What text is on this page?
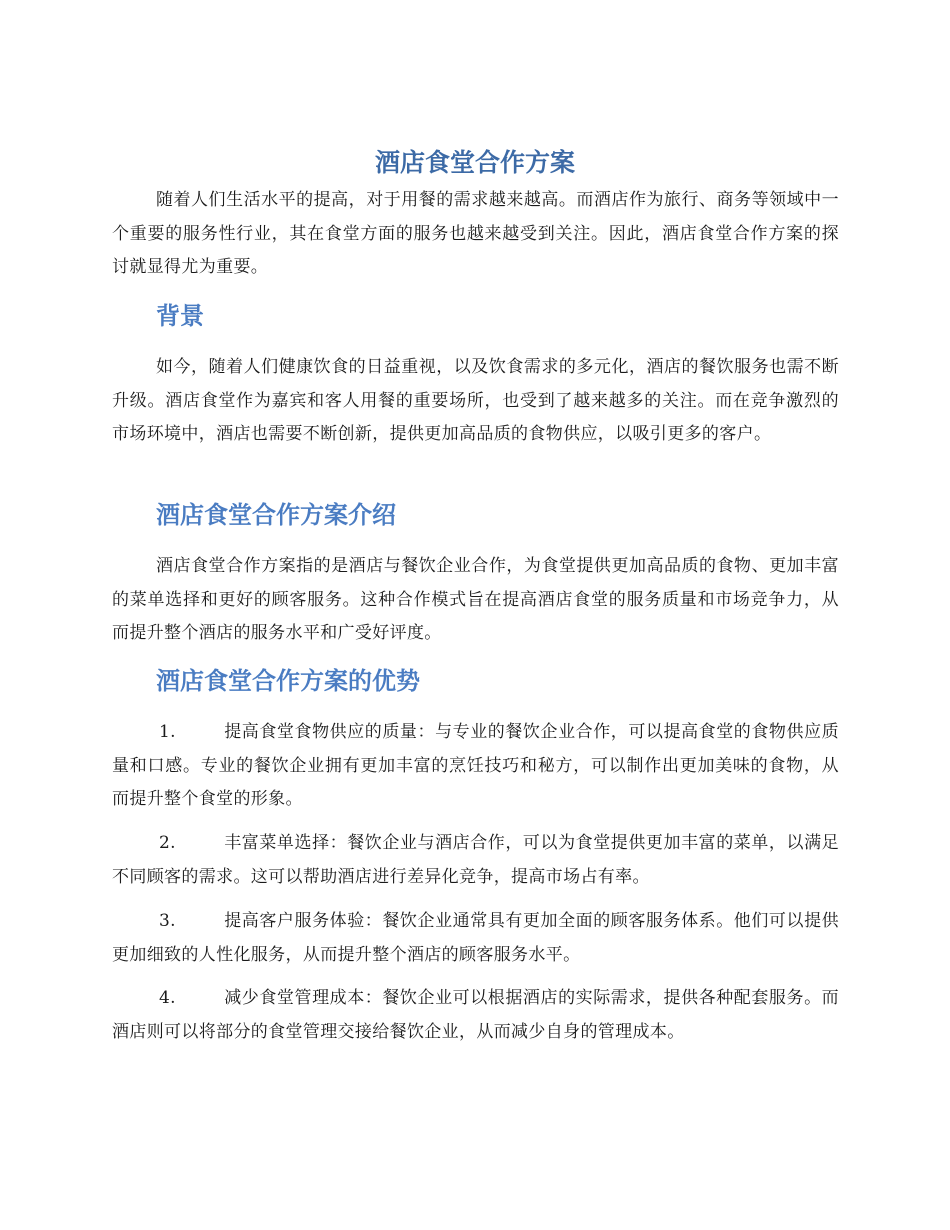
酒店食堂合作方案

随着人们生活水平的提高，对于用餐的需求越来越高。而酒店作为旅行、商务等领域中一个重要的服务性行业，其在食堂方面的服务也越来越受到关注。因此，酒店食堂合作方案的探讨就显得尤为重要。

背景

如今，随着人们健康饮食的日益重视，以及饮食需求的多元化，酒店的餐饮服务也需不断升级。酒店食堂作为嘉宾和客人用餐的重要场所，也受到了越来越多的关注。而在竞争激烈的市场环境中，酒店也需要不断创新，提供更加高品质的食物供应，以吸引更多的客户。

酒店食堂合作方案介绍

酒店食堂合作方案指的是酒店与餐饮企业合作，为食堂提供更加高品质的食物、更加丰富的菜单选择和更好的顾客服务。这种合作模式旨在提高酒店食堂的服务质量和市场竞争力，从而提升整个酒店的服务水平和广受好评度。

酒店食堂合作方案的优势

1.	提高食堂食物供应的质量：与专业的餐饮企业合作，可以提高食堂的食物供应质量和口感。专业的餐饮企业拥有更加丰富的烹饪技巧和秘方，可以制作出更加美味的食物，从而提升整个食堂的形象。

2.	丰富菜单选择：餐饮企业与酒店合作，可以为食堂提供更加丰富的菜单，以满足不同顾客的需求。这可以帮助酒店进行差异化竞争，提高市场占有率。

3.	提高客户服务体验：餐饮企业通常具有更加全面的顾客服务体系。他们可以提供更加细致的人性化服务，从而提升整个酒店的顾客服务水平。

4.	减少食堂管理成本：餐饮企业可以根据酒店的实际需求，提供各种配套服务。而酒店则可以将部分的食堂管理交接给餐饮企业，从而减少自身的管理成本。
